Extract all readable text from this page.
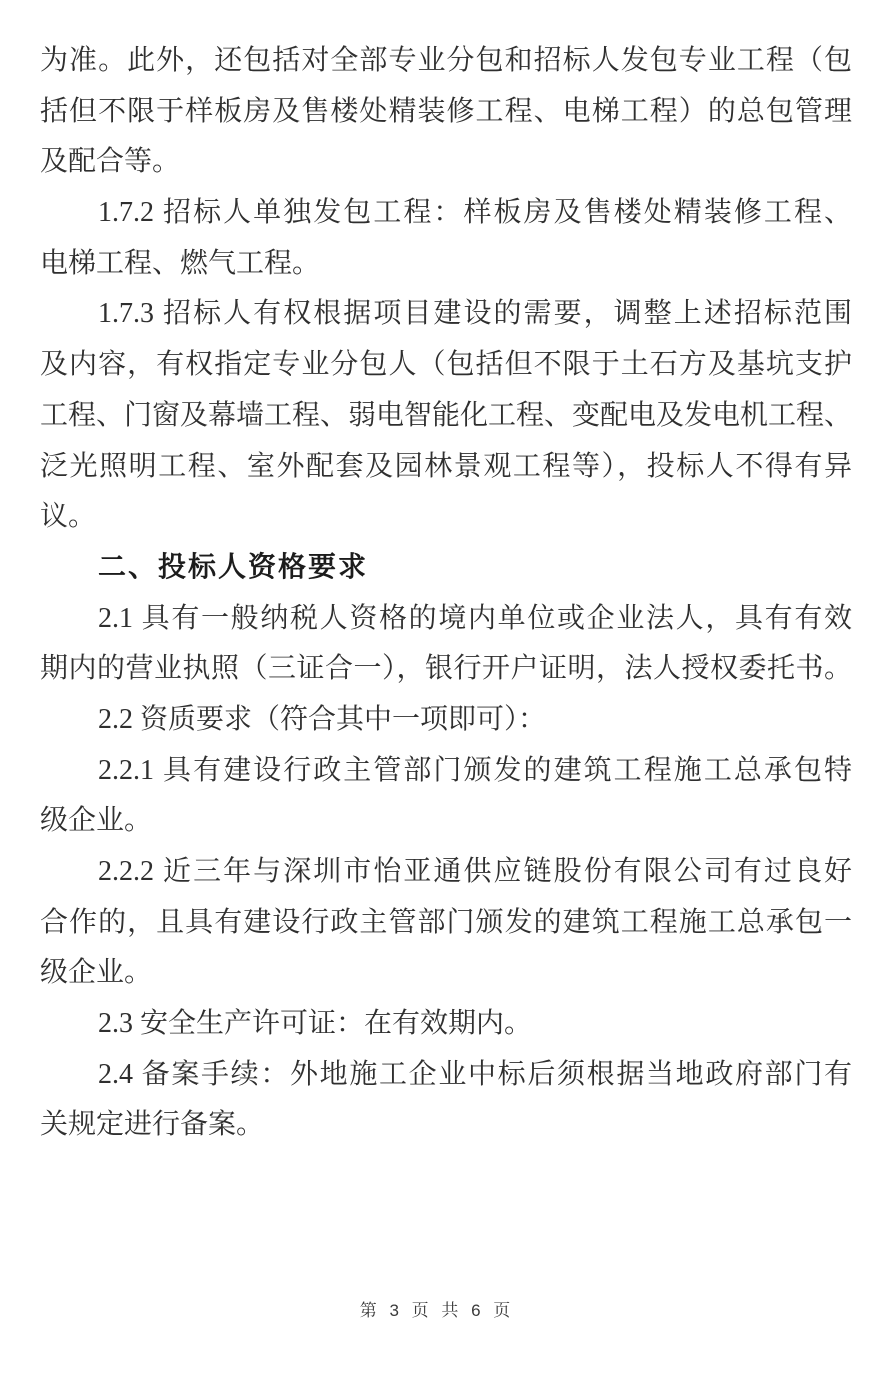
为准。此外，还包括对全部专业分包和招标人发包专业工程（包
括但不限于样板房及售楼处精装修工程、电梯工程）的总包管理
及配合等。
1.7.2 招标人单独发包工程：样板房及售楼处精装修工程、
电梯工程、燃气工程。
1.7.3 招标人有权根据项目建设的需要，调整上述招标范围
及内容，有权指定专业分包人（包括但不限于土石方及基坑支护
工程、门窗及幕墙工程、弱电智能化工程、变配电及发电机工程、
泛光照明工程、室外配套及园林景观工程等），投标人不得有异
议。
二、投标人资格要求
2.1 具有一般纳税人资格的境内单位或企业法人，具有有效
期内的营业执照（三证合一），银行开户证明，法人授权委托书。
2.2 资质要求（符合其中一项即可）：
2.2.1 具有建设行政主管部门颁发的建筑工程施工总承包特
级企业。
2.2.2 近三年与深圳市怡亚通供应链股份有限公司有过良好
合作的，且具有建设行政主管部门颁发的建筑工程施工总承包一
级企业。
2.3 安全生产许可证：在有效期内。
2.4 备案手续：外地施工企业中标后须根据当地政府部门有
关规定进行备案。
第 3 页 共 6 页
